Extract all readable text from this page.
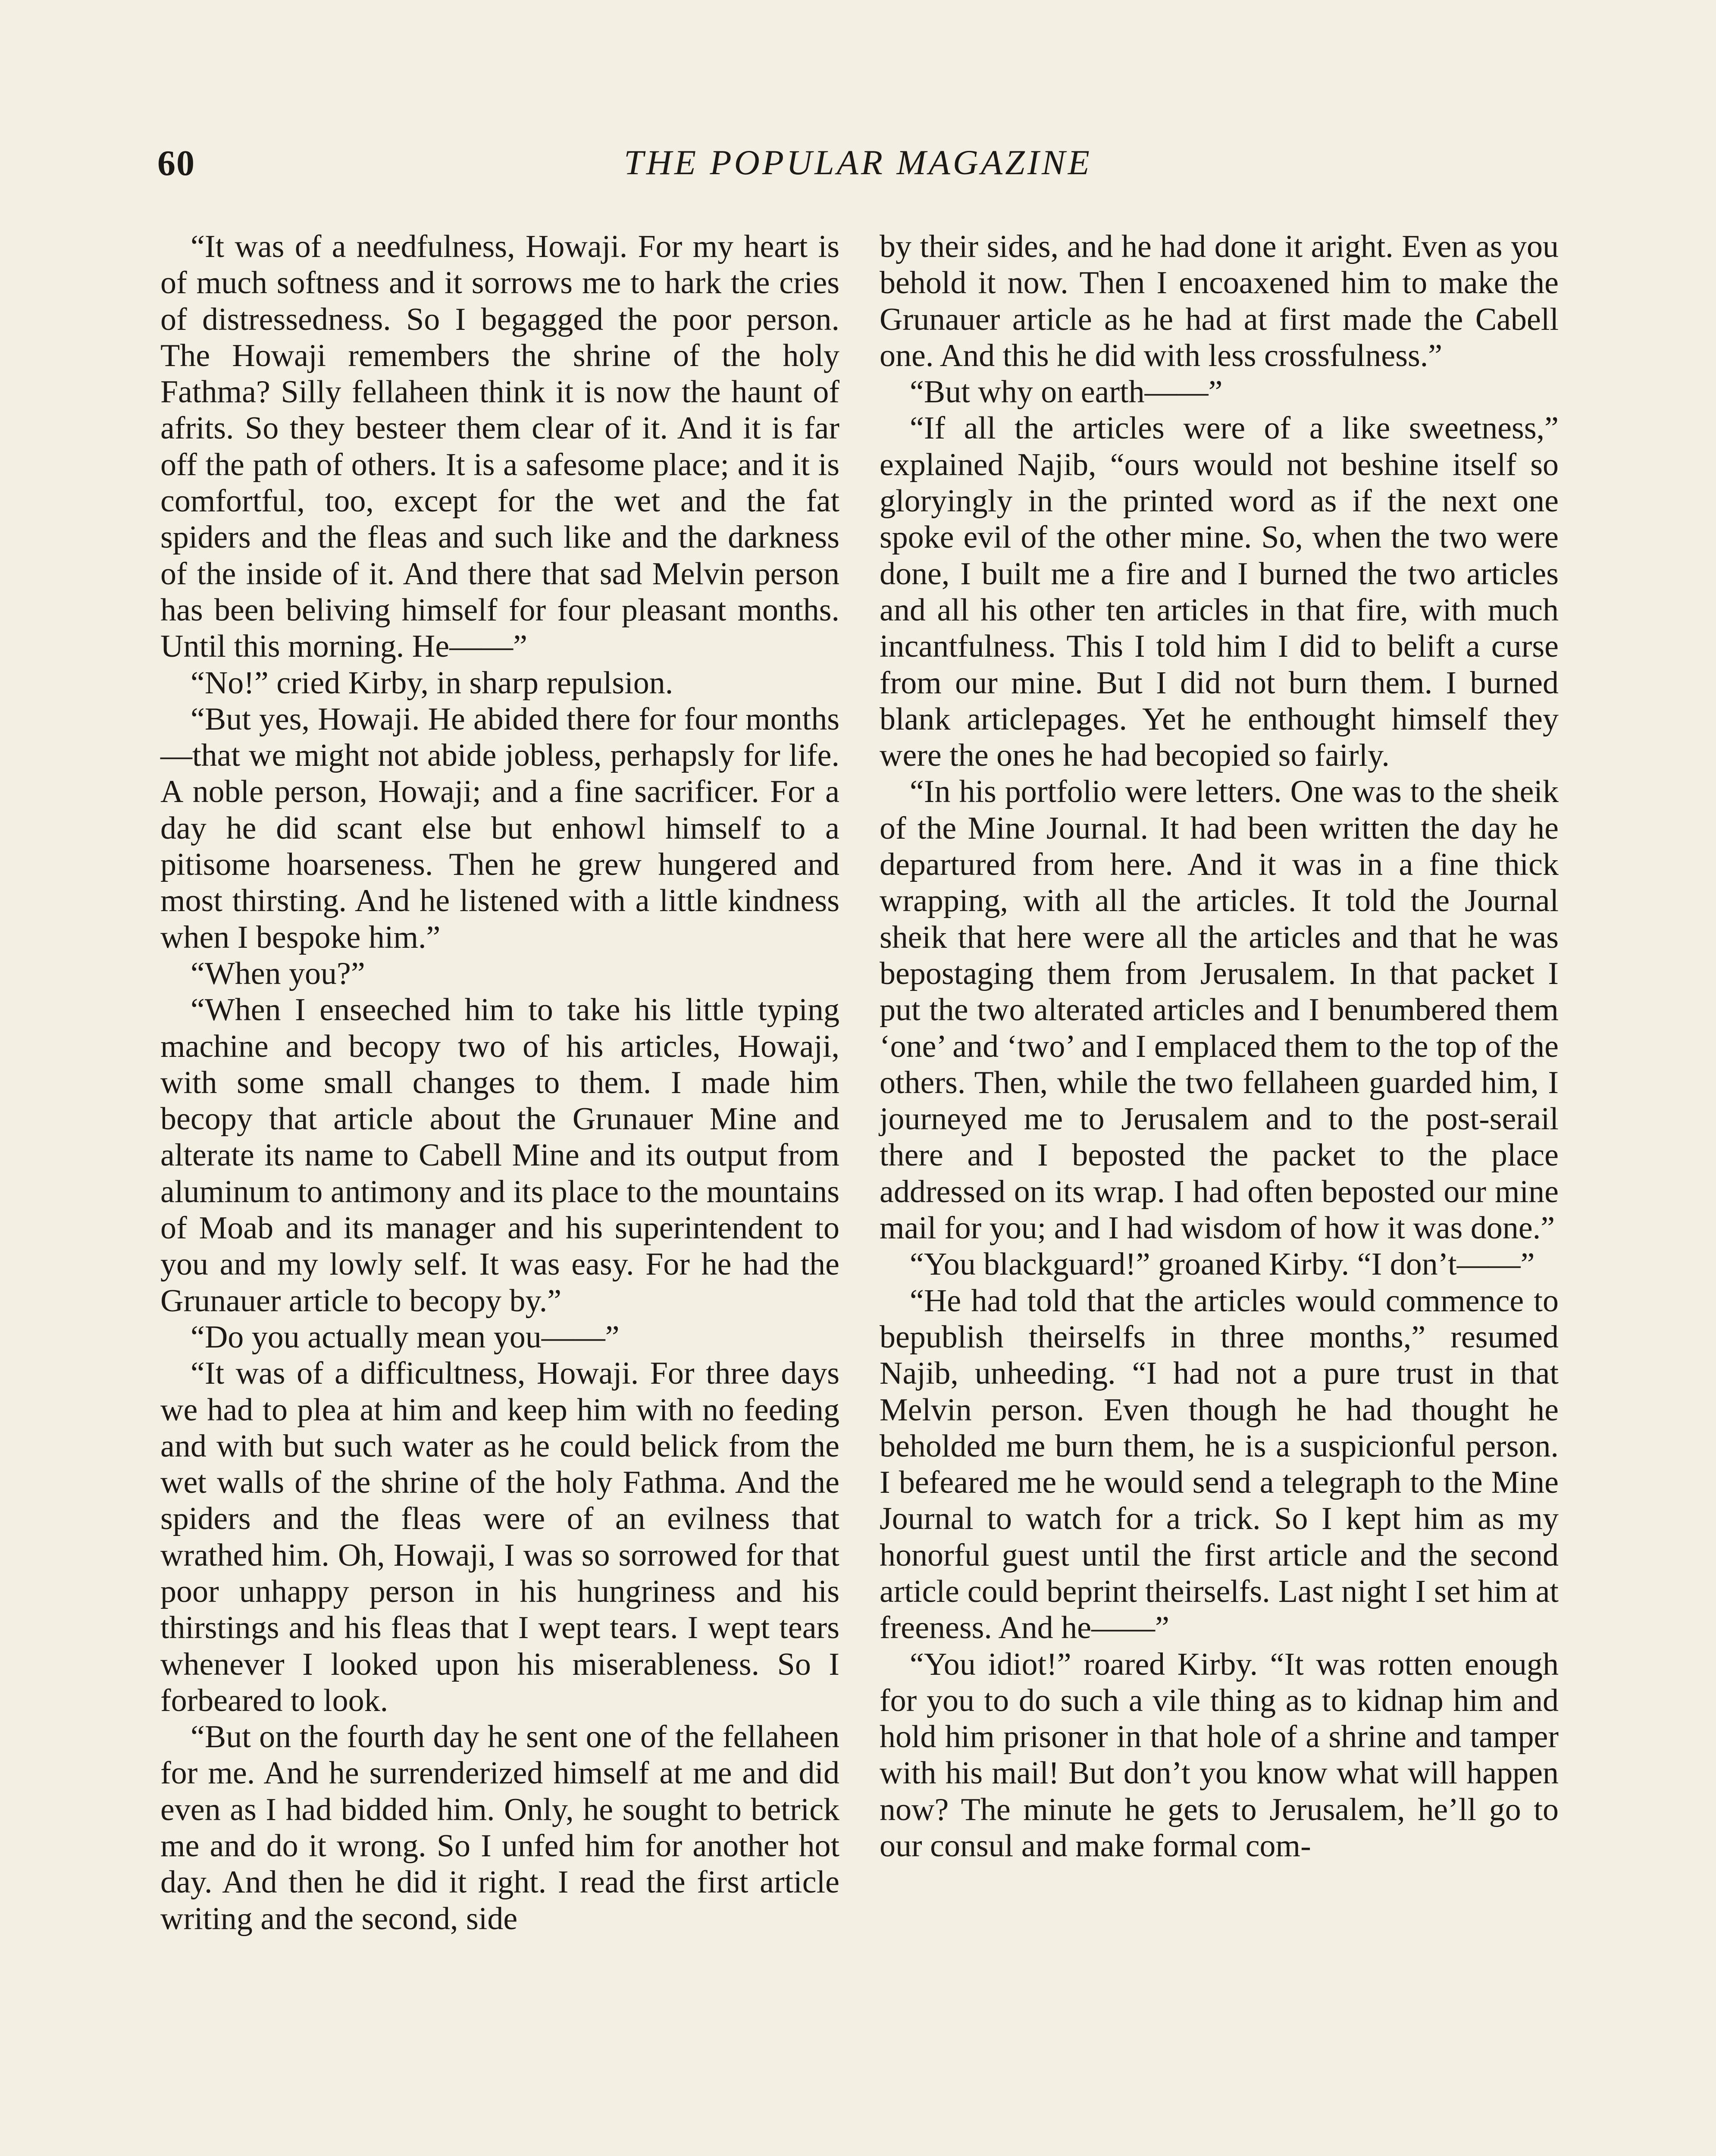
60	THE POPULAR MAGAZINE

“It was of a needfulness, Howaji. For my heart is of much softness and it sorrows me to hark the cries of distressedness. So I begagged the poor person. The Howaji remembers the shrine of the holy Fathma? Silly fellaheen think it is now the haunt of afrits. So they besteer them clear of it. And it is far off the path of others. It is a safesome place; and it is comfortful, too, except for the wet and the fat spiders and the fleas and such like and the darkness of the inside of it. And there that sad Melvin person has been beliving himself for four pleasant months. Until this morning. He——”

“No!” cried Kirby, in sharp repulsion.

“But yes, Howaji. He abided there for four months—that we might not abide jobless, perhapsly for life. A noble person, Howaji; and a fine sacrificer. For a day he did scant else but enhowl himself to a pitisome hoarseness. Then he grew hungered and most thirsting. And he listened with a little kindness when I bespoke him.”

“When you?”

“When I enseeched him to take his little typing machine and becopy two of his articles, Howaji, with some small changes to them. I made him becopy that article about the Grunauer Mine and alterate its name to Cabell Mine and its output from aluminum to antimony and its place to the mountains of Moab and its manager and his superintendent to you and my lowly self. It was easy. For he had the Grunauer article to becopy by.”

“Do you actually mean you——”

“It was of a difficultness, Howaji. For three days we had to plea at him and keep him with no feeding and with but such water as he could belick from the wet walls of the shrine of the holy Fathma. And the spiders and the fleas were of an evilness that wrathed him. Oh, Howaji, I was so sorrowed for that poor unhappy person in his hungriness and his thirstings and his fleas that I wept tears. I wept tears whenever I looked upon his miserableness. So I forbeared to look.

“But on the fourth day he sent one of the fellaheen for me. And he surrenderized himself at me and did even as I had bidded him. Only, he sought to betrick me and do it wrong. So I unfed him for another hot day. And then he did it right. I read the first article writing and the second, side

by their sides, and he had done it aright. Even as you behold it now. Then I encoaxened him to make the Grunauer article as he had at first made the Cabell one. And this he did with less crossfulness.”

“But why on earth——”

“If all the articles were of a like sweetness,” explained Najib, “ours would not beshine itself so gloryingly in the printed word as if the next one spoke evil of the other mine. So, when the two were done, I built me a fire and I burned the two articles and all his other ten articles in that fire, with much incantfulness. This I told him I did to belift a curse from our mine. But I did not burn them. I burned blank articlepages. Yet he enthought himself they were the ones he had becopied so fairly.

“In his portfolio were letters. One was to the sheik of the Mine Journal. It had been written the day he departured from here. And it was in a fine thick wrapping, with all the articles. It told the Journal sheik that here were all the articles and that he was bepostaging them from Jerusalem. In that packet I put the two alterated articles and I benumbered them ‘one’ and ‘two’ and I emplaced them to the top of the others. Then, while the two fellaheen guarded him, I journeyed me to Jerusalem and to the post-serail there and I beposted the packet to the place addressed on its wrap. I had often beposted our mine mail for you; and I had wisdom of how it was done.”

“You blackguard!” groaned Kirby. “I don’t——”

“He had told that the articles would commence to bepublish theirselfs in three months,” resumed Najib, unheeding. “I had not a pure trust in that Melvin person. Even though he had thought he beholded me burn them, he is a suspicionful person. I befeared me he would send a telegraph to the Mine Journal to watch for a trick. So I kept him as my honorful guest until the first article and the second article could beprint theirselfs. Last night I set him at freeness. And he——”

“You idiot!” roared Kirby. “It was rotten enough for you to do such a vile thing as to kidnap him and hold him prisoner in that hole of a shrine and tamper with his mail! But don’t you know what will happen now? The minute he gets to Jerusalem, he’ll go to our consul and make formal com-
